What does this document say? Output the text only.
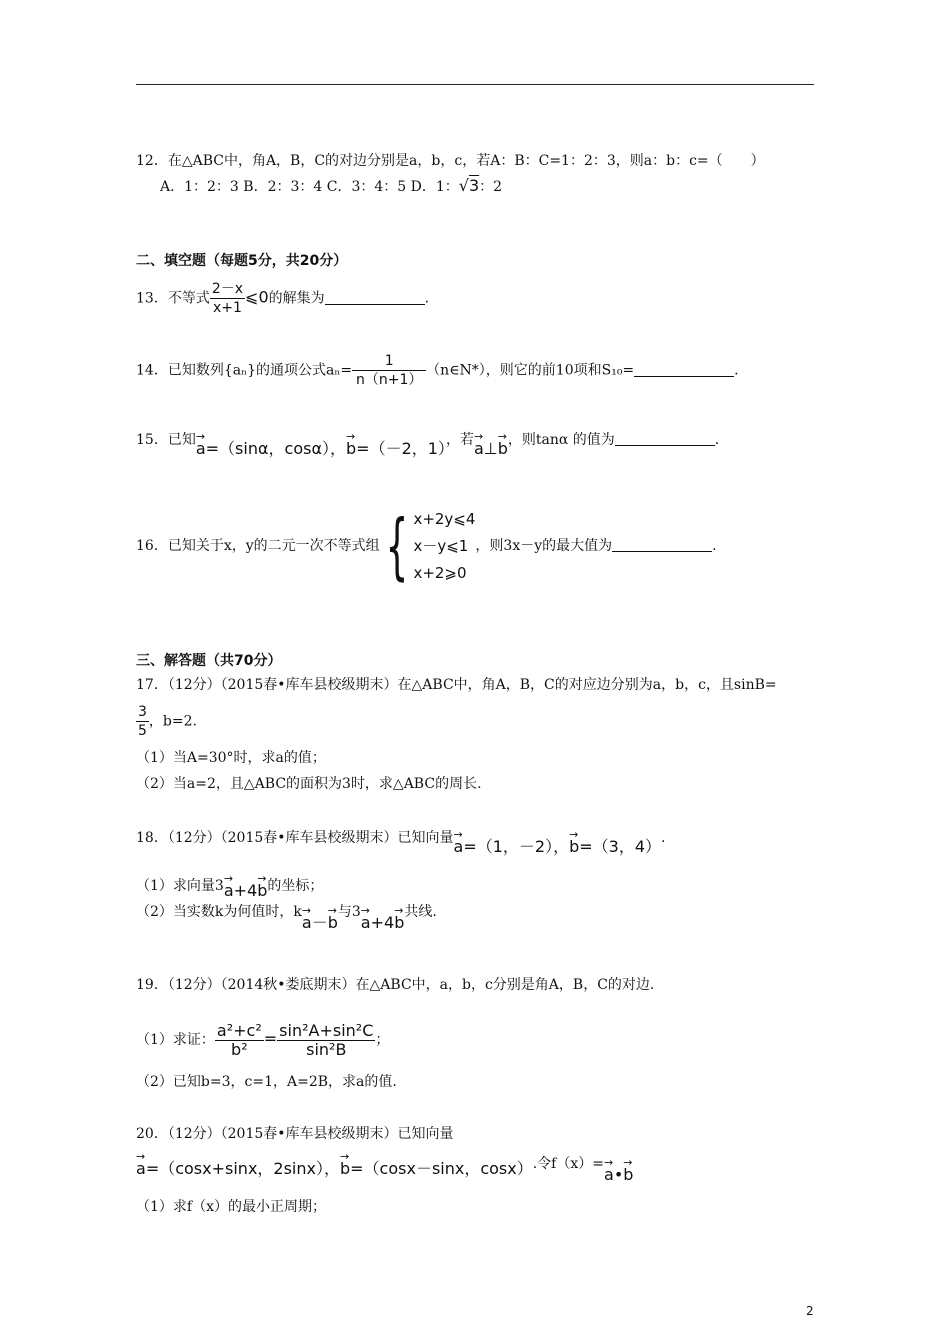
12．在△ABC中，角A，B，C的对边分别是a，b，c，若A：B：C=1：2：3，则a：b：c=（　　）
A．1：2：3 B．2：3：4 C．3：4：5 D．1：√3：2
二、填空题（每题5分，共20分）
13．不等式 $\frac{2-x}{x+1}$ ⩽0的解集为	.
14．已知数列{aₙ}的通项公式$a_n= \frac{1}{n(n+1)}$ （n∈N*），则它的前10项和S₁₀=	.
15．已知→ a=（sinα，cosα），→ b=（－2，1），若→ a⊥→ b，则tanα 的值为	.
16．已知关于x，y的二元一次不等式组{ x+2y⩽4
x－y⩽1
x+2⩾0
，则3x－y的最大值为	.
三、解答题（共70分）
17．（12分）（2015春•库车县校级期末）在△ABC中，角A，B，C的对应边分别为a，b，c，且sinB=
$\frac{3}{5}$ ，b=2.
（1）当A=30°时，求a的值；
（2）当a=2，且△ABC的面积为3时，求△ABC的周长.
18．（12分）（2015春•库车县校级期末）已知向量→ a=（1，－2），→ b=（3，4）.
（1）求向量3→ a+4→ b的坐标；
（2）当实数k为何值时，k→ a－→ b与3→ a+4→ b共线.
19．（12分）（2014秋•娄底期末）在△ABC中，a，b，c分别是角A，B，C的对边.
（1）求证： $\frac{\text{a²+c²}}{\text{b²}} = \frac{\text{sin²A+sin²C}}{\text{sin²B}}$ ；
（2）已知b=3，c=1，A=2B，求a的值.
20．（12分）（2015春•库车县校级期末）已知向量
→ a=（cosx+sinx，2sinx），→ b=（cosx－sinx，cosx）.令f（x）=→ a•→ b
（1）求f（x）的最小正周期；
2
